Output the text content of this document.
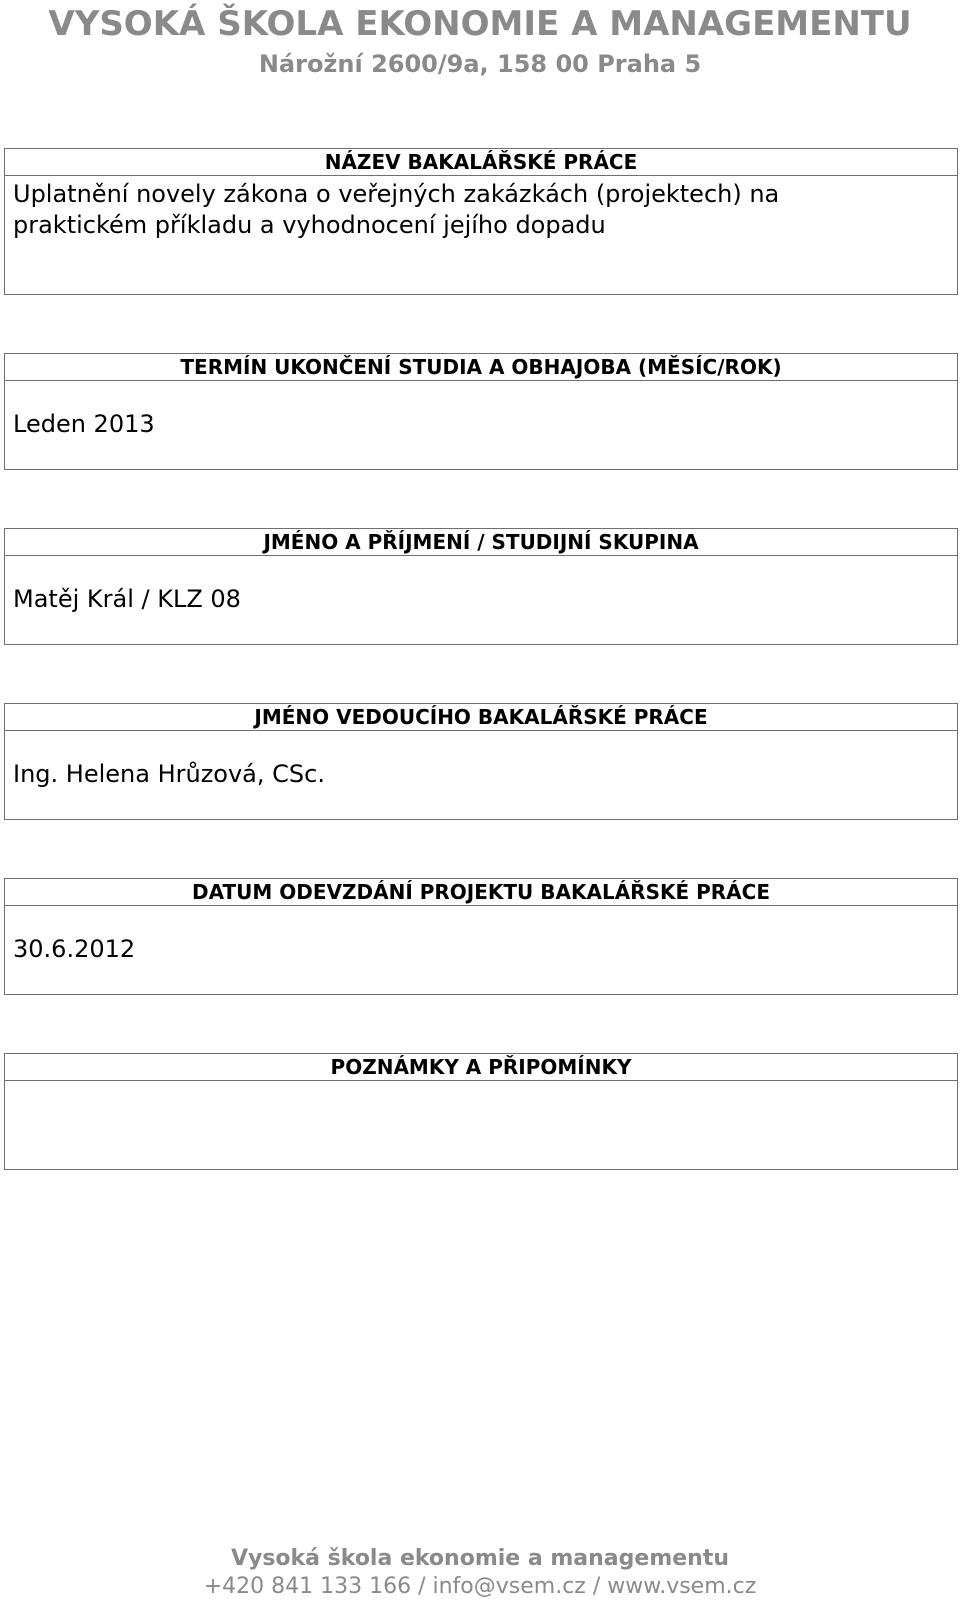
VYSOKÁ ŠKOLA EKONOMIE A MANAGEMENTU
Nárožní 2600/9a, 158 00 Praha 5
NÁZEV BAKALÁŘSKÉ PRÁCE
Uplatnění novely zákona o veřejných zakázkách (projektech) na
praktickém příkladu a vyhodnocení jejího dopadu
TERMÍN UKONČENÍ STUDIA A OBHAJOBA (MĚSÍC/ROK)
Leden 2013
JMÉNO A PŘÍJMENÍ / STUDIJNÍ SKUPINA
Matěj Král / KLZ 08
JMÉNO VEDOUCÍHO BAKALÁŘSKÉ PRÁCE
Ing. Helena Hrůzová, CSc.
DATUM ODEVZDÁNÍ PROJEKTU BAKALÁŘSKÉ PRÁCE
30.6.2012
POZNÁMKY A PŘIPOMÍNKY
Vysoká škola ekonomie a managementu
+420 841 133 166 / info@vsem.cz / www.vsem.cz
